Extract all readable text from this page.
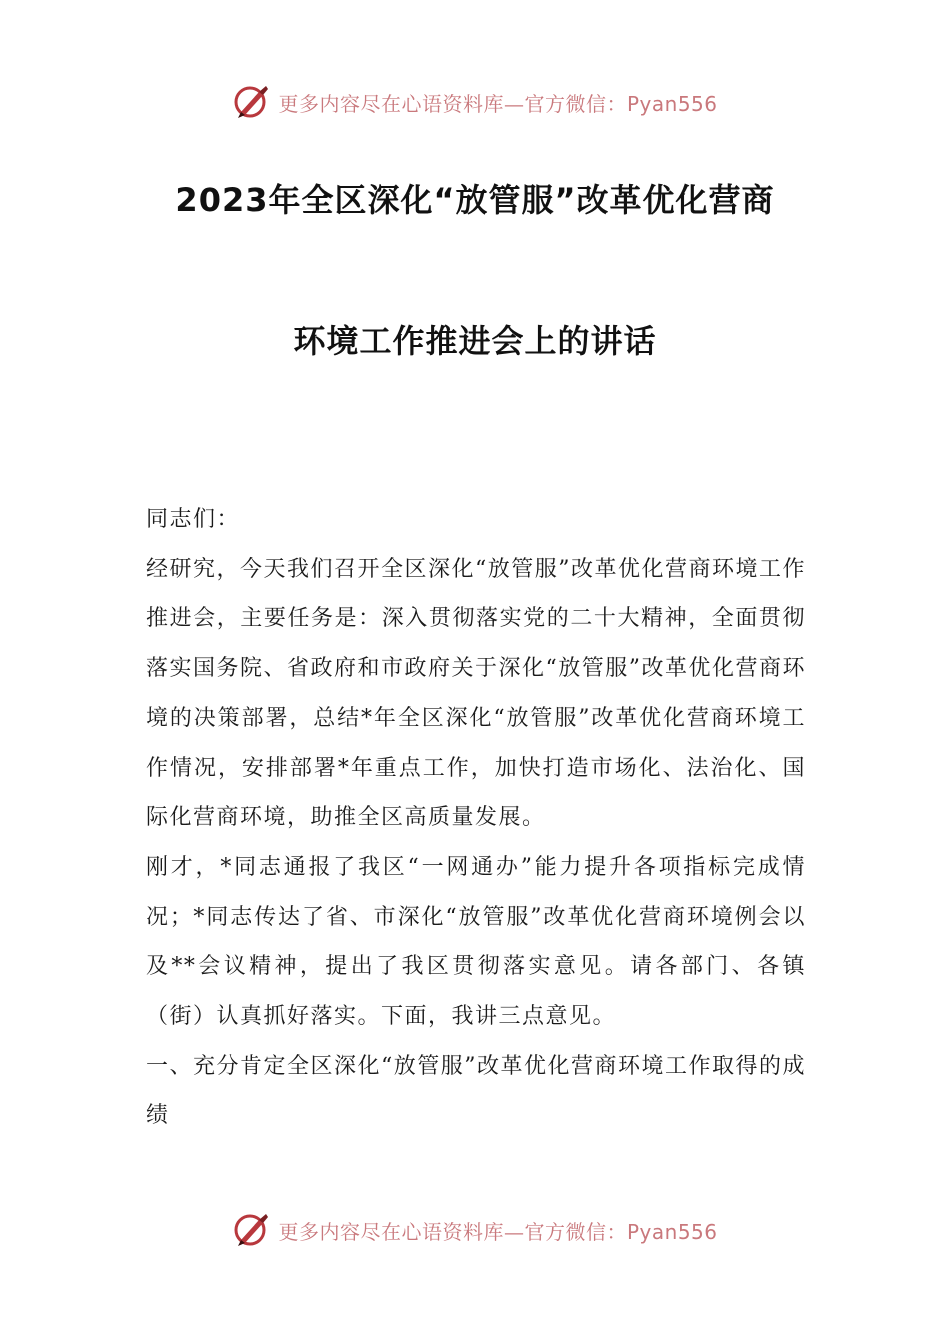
更多内容尽在心语资料库—官方微信：Pyan556
2023年全区深化“放管服”改革优化营商
环境工作推进会上的讲话

同志们：

经研究，今天我们召开全区深化“放管服”改革优化营商环境工作推进会，主要任务是：深入贯彻落实党的二十大精神，全面贯彻落实国务院、省政府和市政府关于深化“放管服”改革优化营商环境的决策部署，总结*年全区深化“放管服”改革优化营商环境工作情况，安排部署*年重点工作，加快打造市场化、法治化、国际化营商环境，助推全区高质量发展。

刚才，*同志通报了我区“一网通办”能力提升各项指标完成情况；*同志传达了省、市深化“放管服”改革优化营商环境例会以及**会议精神，提出了我区贯彻落实意见。请各部门、各镇（街）认真抓好落实。下面，我讲三点意见。

一、充分肯定全区深化“放管服”改革优化营商环境工作取得的成绩

更多内容尽在心语资料库—官方微信：Pyan556
